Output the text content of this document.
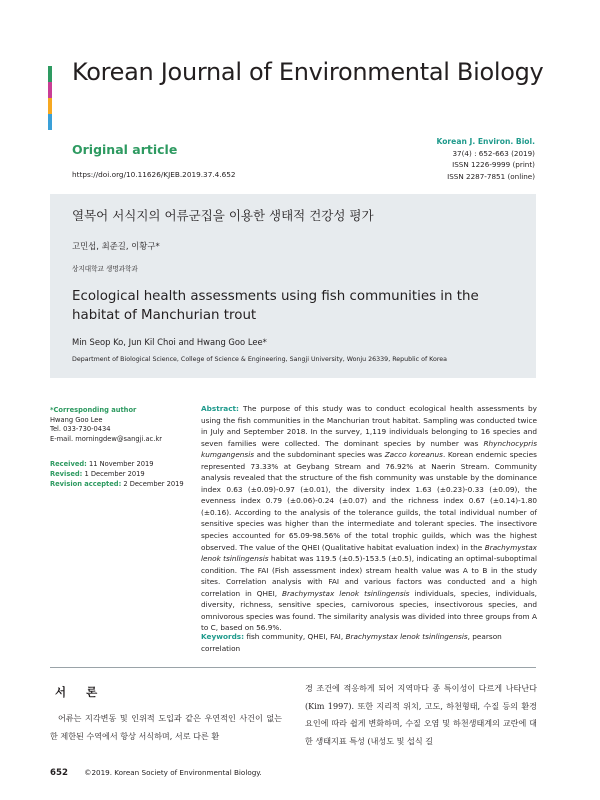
Korean Journal of Environmental Biology
Original article
https://doi.org/10.11626/KJEB.2019.37.4.652
Korean J. Environ. Biol.
37(4) : 652-663 (2019)
ISSN 1226-9999 (print)
ISSN 2287-7851 (online)
열목어 서식지의 어류군집을 이용한 생태적 건강성 평가
고민섭, 최준길, 이황구*
상지대학교 생명과학과
Ecological health assessments using fish communities in the habitat of Manchurian trout
Min Seop Ko, Jun Kil Choi and Hwang Goo Lee*
Department of Biological Science, College of Science & Engineering, Sangji University, Wonju 26339, Republic of Korea
*Corresponding author
Hwang Goo Lee
Tel. 033-730-0434
E-mail. morningdew@sangji.ac.kr
Received: 11 November 2019
Revised: 1 December 2019
Revision accepted: 2 December 2019
Abstract: The purpose of this study was to conduct ecological health assessments by using the fish communities in the Manchurian trout habitat. Sampling was conducted twice in July and September 2018. In the survey, 1,119 individuals belonging to 16 species and seven families were collected. The dominant species by number was Rhynchocypris kumgangensis and the subdominant species was Zacco koreanus. Korean endemic species represented 73.33% at Geybang Stream and 76.92% at Naerin Stream. Community analysis revealed that the structure of the fish community was unstable by the dominance index 0.63 (±0.09)-0.97 (±0.01), the diversity index 1.63 (±0.23)-0.33 (±0.09), the evenness index 0.79 (±0.06)-0.24 (±0.07) and the richness index 0.67 (±0.14)-1.80 (±0.16). According to the analysis of the tolerance guilds, the total individual number of sensitive species was higher than the intermediate and tolerant species. The insectivore species accounted for 65.09-98.56% of the total trophic guilds, which was the highest observed. The value of the QHEI (Qualitative habitat evaluation index) in the Brachymystax lenok tsinlingensis habitat was 119.5 (±0.5)-153.5 (±0.5), indicating an optimal-suboptimal condition. The FAI (Fish assessment index) stream health value was A to B in the study sites. Correlation analysis with FAI and various factors was conducted and a high correlation in QHEI, Brachymystax lenok tsinlingensis individuals, species, individuals, diversity, richness, sensitive species, carnivorous species, insectivorous species, and omnivorous species was found. The similarity analysis was divided into three groups from A to C, based on 56.9%.
Keywords: fish community, QHEI, FAI, Brachymystax lenok tsinlingensis, pearson correlation
서 론
어류는 지각변동 및 인위적 도입과 같은 우연적인 사건이 없는 한 제한된 수역에서 항상 서식하며, 서로 다른 환
경 조건에 적응하게 되어 지역마다 종 특이성이 다르게 나타난다 (Kim 1997). 또한 지리적 위치, 고도, 하천형태, 수질 등의 환경요인에 따라 쉽게 변화하며, 수질 오염 및 하천생태계의 교란에 대한 생태지표 특성 (내성도 및 섭식 길
652 ©2019. Korean Society of Environmental Biology.
